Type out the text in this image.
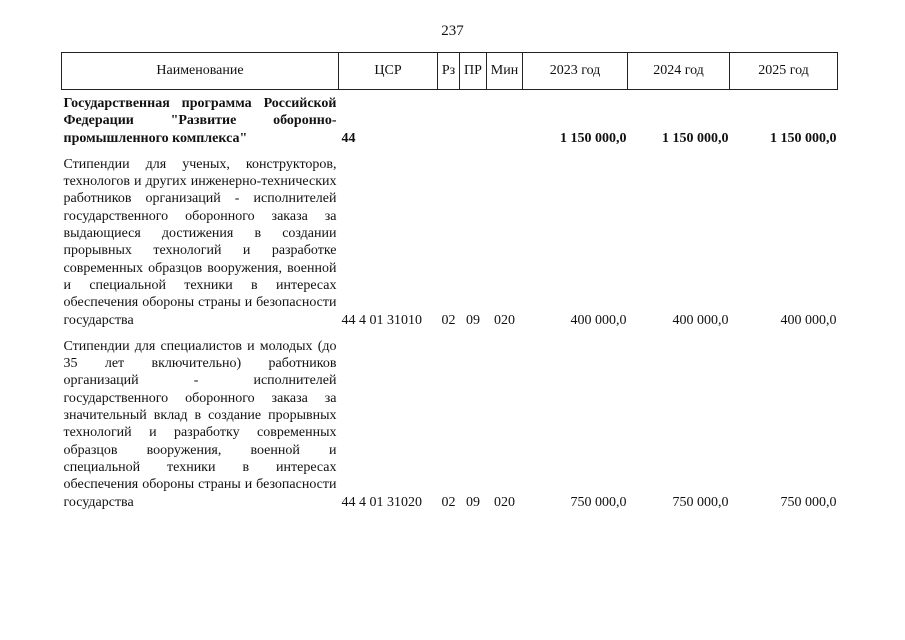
237
Наименование	ЦСР	Рз	ПР	Мин	2023 год	2024 год	2025 год
Государственная программа Российской Федерации "Развитие оборонно-промышленного комплекса"	44				1 150 000,0	1 150 000,0	1 150 000,0
Стипендии для ученых, конструкторов, технологов и других инженерно-технических работников организаций - исполнителей государственного оборонного заказа за выдающиеся достижения в создании прорывных технологий и разработке современных образцов вооружения, военной и специальной техники в интересах обеспечения обороны страны и безопасности государства	44 4 01 31010	02	09	020	400 000,0	400 000,0	400 000,0
Стипендии для специалистов и молодых (до 35 лет включительно) работников организаций - исполнителей государственного оборонного заказа за значительный вклад в создание прорывных технологий и разработку современных образцов вооружения, военной и специальной техники в интересах обеспечения обороны страны и безопасности государства	44 4 01 31020	02	09	020	750 000,0	750 000,0	750 000,0
